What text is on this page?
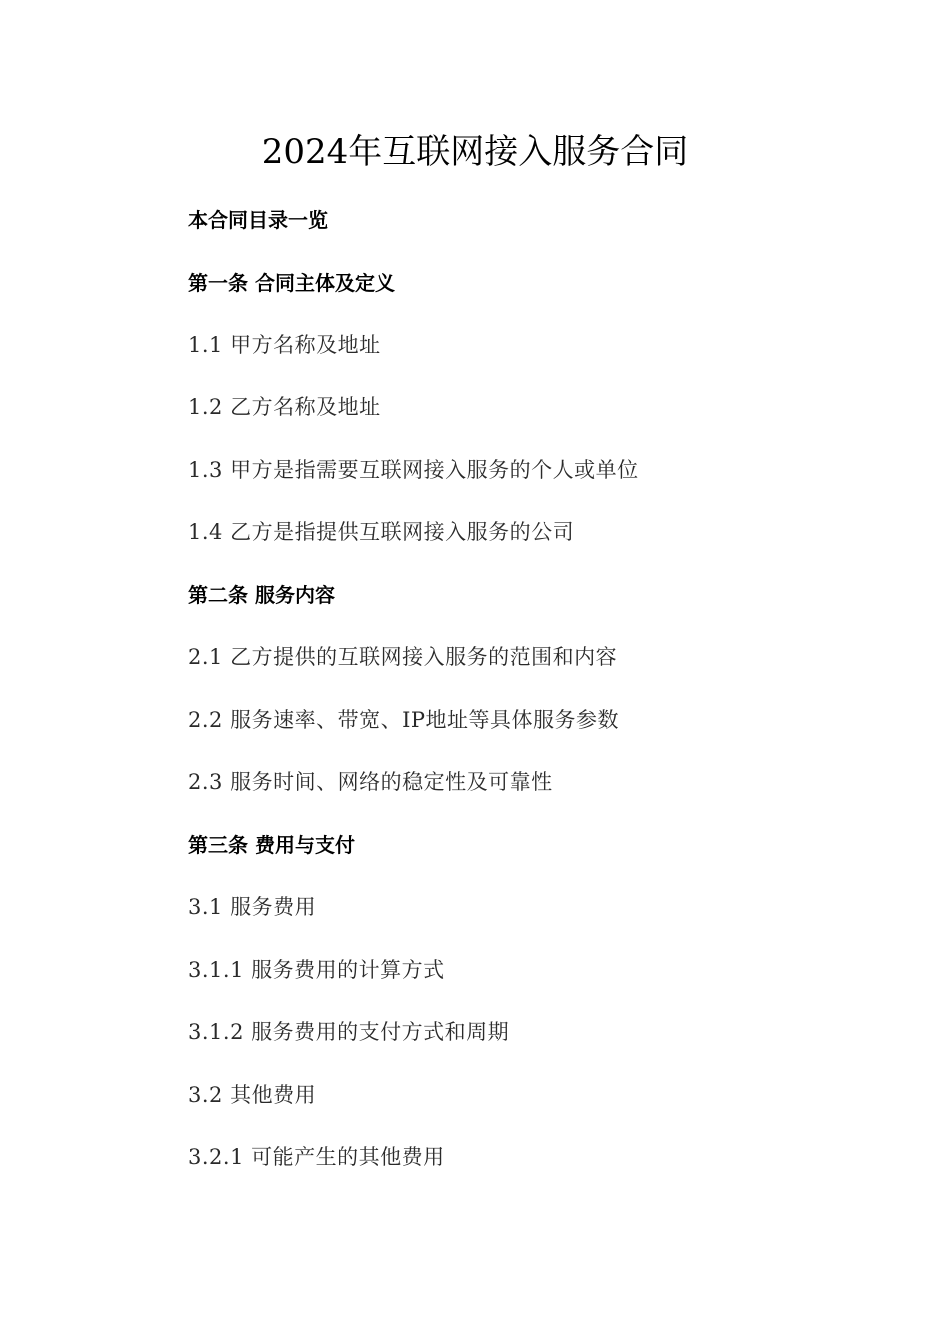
2024年互联网接入服务合同
本合同目录一览
第一条 合同主体及定义
1.1 甲方名称及地址
1.2 乙方名称及地址
1.3 甲方是指需要互联网接入服务的个人或单位
1.4 乙方是指提供互联网接入服务的公司
第二条 服务内容
2.1 乙方提供的互联网接入服务的范围和内容
2.2 服务速率、带宽、IP地址等具体服务参数
2.3 服务时间、网络的稳定性及可靠性
第三条 费用与支付
3.1 服务费用
3.1.1 服务费用的计算方式
3.1.2 服务费用的支付方式和周期
3.2 其他费用
3.2.1 可能产生的其他费用
